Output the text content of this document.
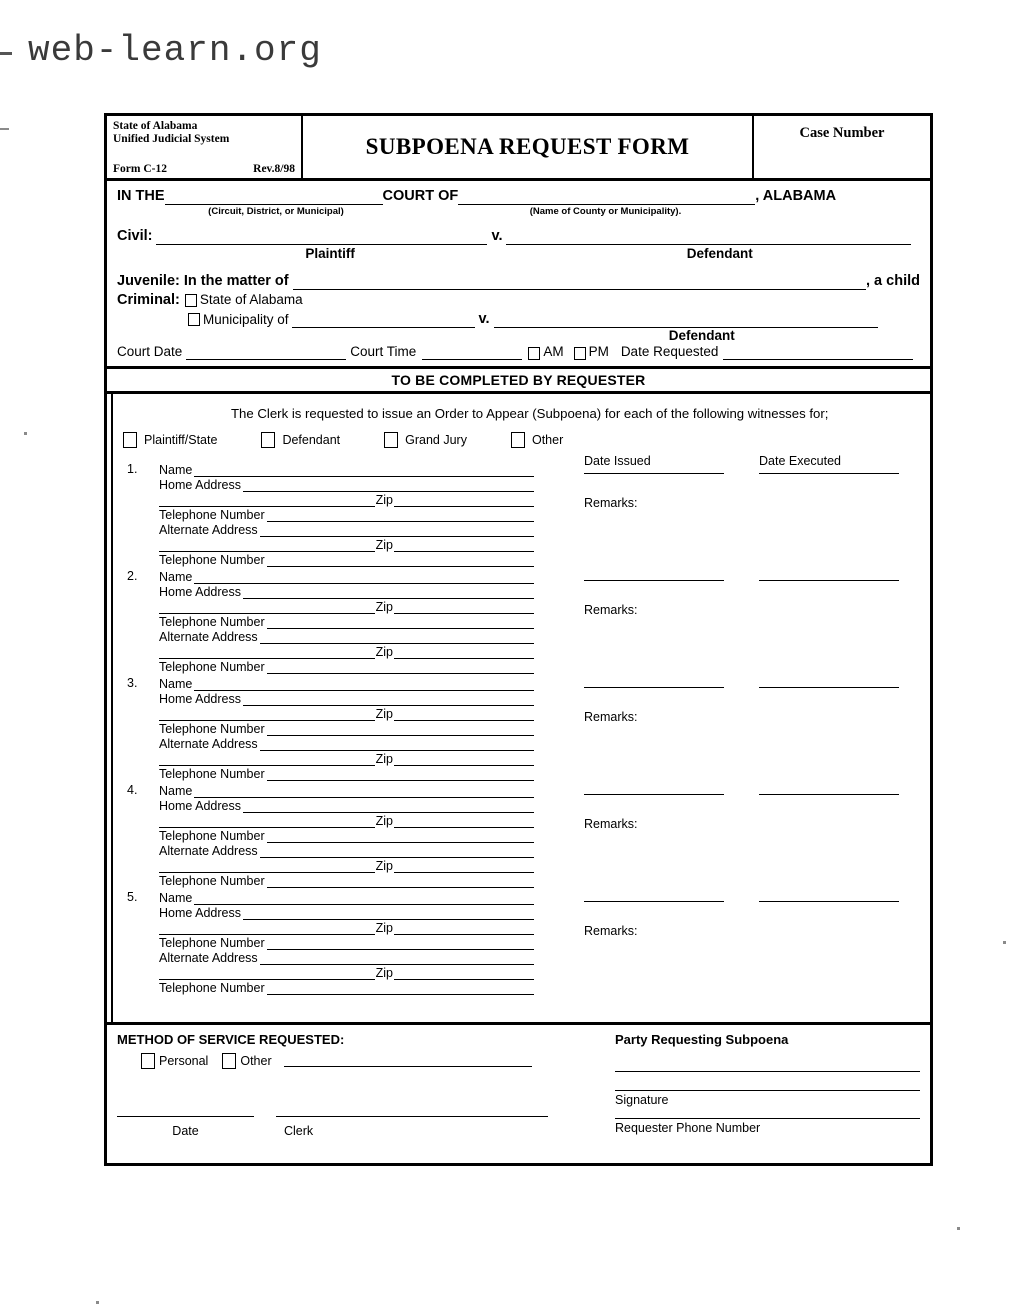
web-learn.org
State of Alabama
Unified Judicial System
Form C-12	Rev.8/98
SUBPOENA REQUEST FORM
Case Number
IN THE	COURT OF	, ALABAMA
(Circuit, District, or Municipal)	(Name of County or Municipality).
Civil:	v.
Plaintiff	Defendant
Juvenile: In the matter of	, a child
Criminal: State of Alabama
Municipality of	v.
Defendant
Court Date	Court Time	AM PM Date Requested
TO BE COMPLETED BY REQUESTER
The Clerk is requested to issue an Order to Appear (Subpoena) for each of the following witnesses for;
Plaintiff/State	Defendant	Grand Jury	Other
Date Issued	Date Executed
1. Name
Home Address
Zip
Telephone Number
Alternate Address
Zip
Telephone Number
Remarks:
2. Name
Home Address
Zip
Telephone Number
Alternate Address
Zip
Telephone Number
Remarks:
3. Name
Home Address
Zip
Telephone Number
Alternate Address
Zip
Telephone Number
Remarks:
4. Name
Home Address
Zip
Telephone Number
Alternate Address
Zip
Telephone Number
Remarks:
5. Name
Home Address
Zip
Telephone Number
Alternate Address
Zip
Telephone Number
Remarks:
METHOD OF SERVICE REQUESTED:
Personal	Other
Date	Clerk
Party Requesting Subpoena
Signature
Requester Phone Number
